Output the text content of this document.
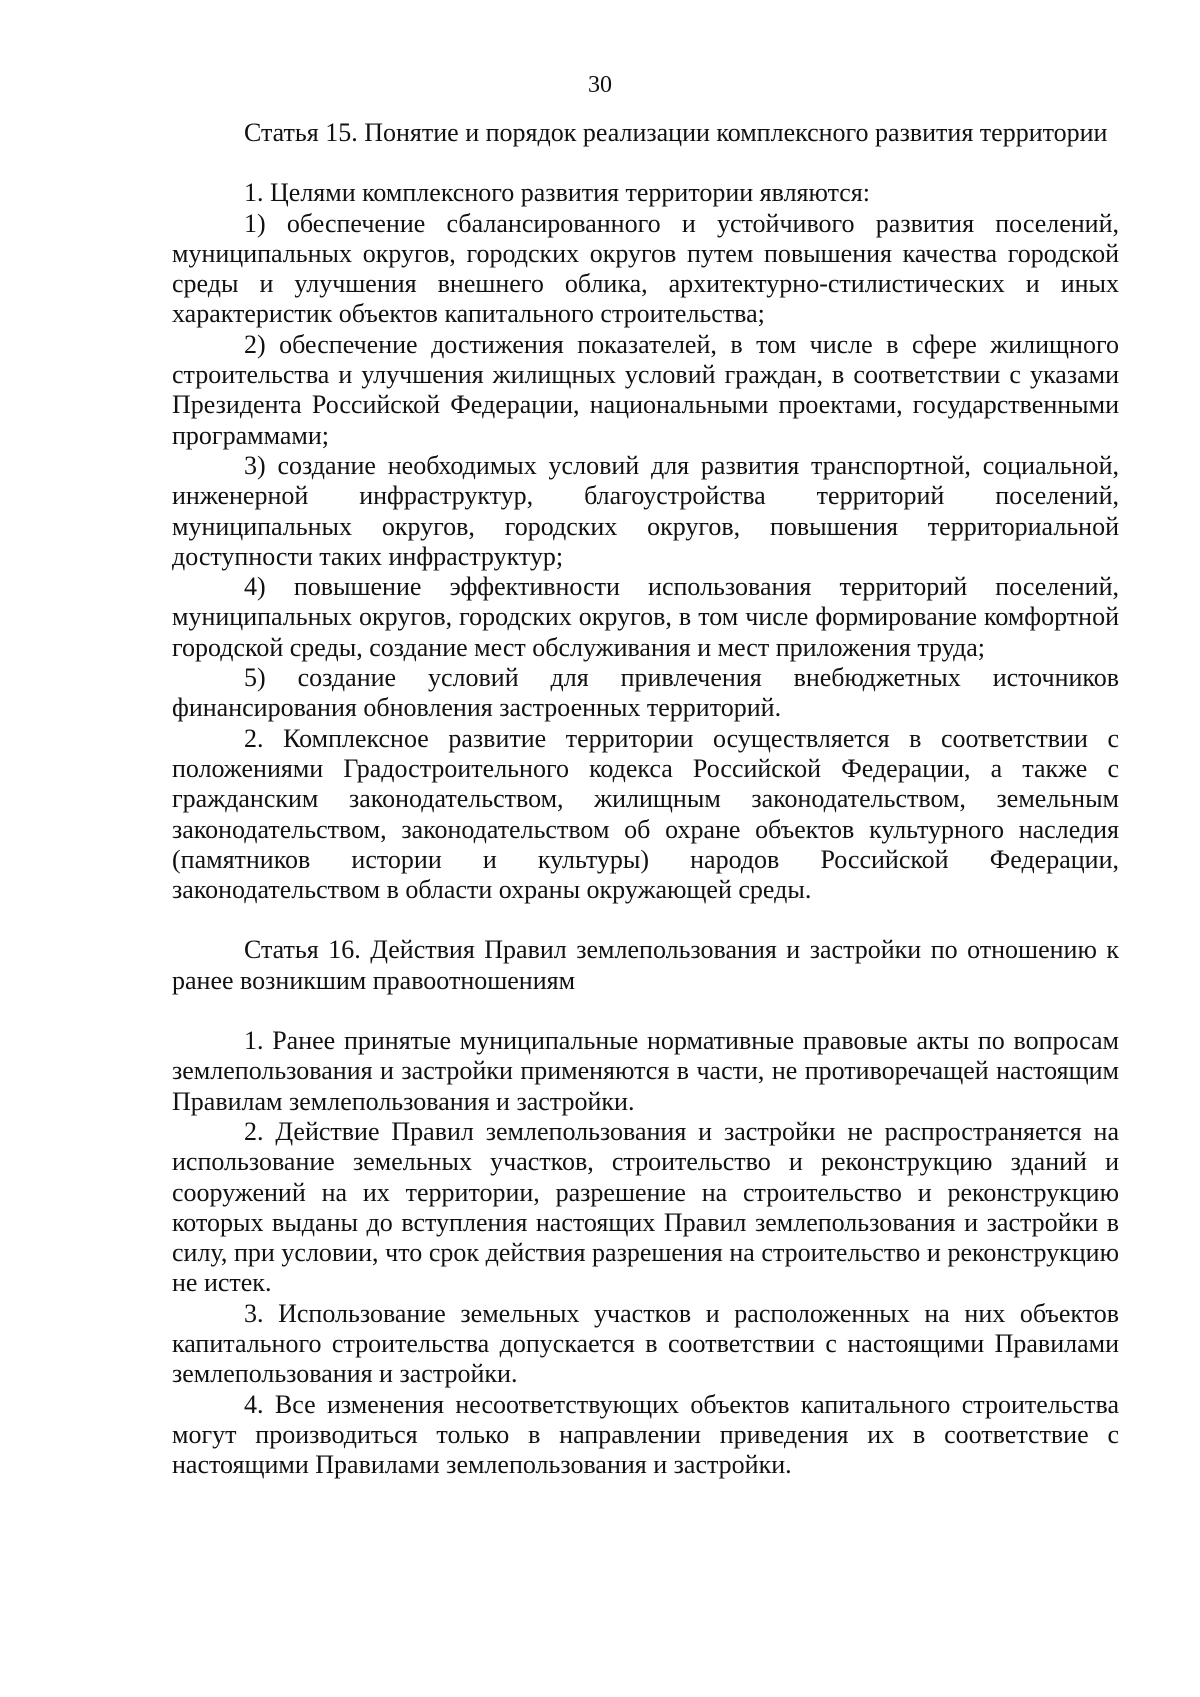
30

Статья 15. Понятие и порядок реализации комплексного развития территории

1. Целями комплексного развития территории являются:

1) обеспечение сбалансированного и устойчивого развития поселений, муниципальных округов, городских округов путем повышения качества городской среды и улучшения внешнего облика, архитектурно-стилистических и иных характеристик объектов капитального строительства;

2) обеспечение достижения показателей, в том числе в сфере жилищного строительства и улучшения жилищных условий граждан, в соответствии с указами Президента Российской Федерации, национальными проектами, государственными программами;

3) создание необходимых условий для развития транспортной, социальной, инженерной инфраструктур, благоустройства территорий поселений, муниципальных округов, городских округов, повышения территориальной доступности таких инфраструктур;

4) повышение эффективности использования территорий поселений, муниципальных округов, городских округов, в том числе формирование комфортной городской среды, создание мест обслуживания и мест приложения труда;

5) создание условий для привлечения внебюджетных источников финансирования обновления застроенных территорий.

2. Комплексное развитие территории осуществляется в соответствии с положениями Градостроительного кодекса Российской Федерации, а также с гражданским законодательством, жилищным законодательством, земельным законодательством, законодательством об охране объектов культурного наследия (памятников истории и культуры) народов Российской Федерации, законодательством в области охраны окружающей среды.

Статья 16. Действия Правил землепользования и застройки по отношению к ранее возникшим правоотношениям

1. Ранее принятые муниципальные нормативные правовые акты по вопросам землепользования и застройки применяются в части, не противоречащей настоящим Правилам землепользования и застройки.

2. Действие Правил землепользования и застройки не распространяется на использование земельных участков, строительство и реконструкцию зданий и сооружений на их территории, разрешение на строительство и реконструкцию которых выданы до вступления настоящих Правил землепользования и застройки в силу, при условии, что срок действия разрешения на строительство и реконструкцию не истек.

3. Использование земельных участков и расположенных на них объектов капитального строительства допускается в соответствии с настоящими Правилами землепользования и застройки.

4. Все изменения несоответствующих объектов капитального строительства могут производиться только в направлении приведения их в соответствие с настоящими Правилами землепользования и застройки.
